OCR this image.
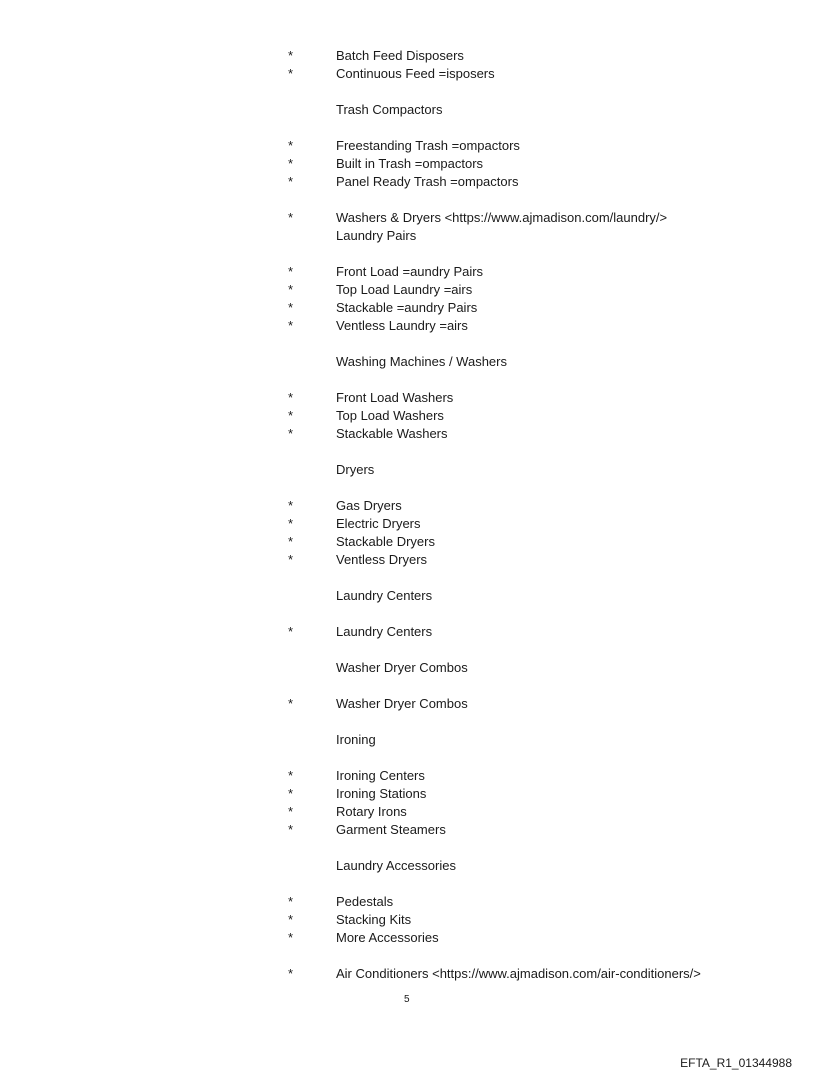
*	Batch Feed Disposers
*	Continuous Feed =isposers
Trash Compactors
*	Freestanding Trash =ompactors
*	Built in Trash =ompactors
*	Panel Ready Trash =ompactors
*	Washers & Dryers <https://www.ajmadison.com/laundry/>
Laundry Pairs
*	Front Load =aundry Pairs
*	Top Load Laundry =airs
*	Stackable =aundry Pairs
*	Ventless Laundry =airs
Washing Machines / Washers
*	Front Load Washers
*	Top Load Washers
*	Stackable Washers
Dryers
*	Gas Dryers
*	Electric Dryers
*	Stackable Dryers
*	Ventless Dryers
Laundry Centers
*	Laundry Centers
Washer Dryer Combos
*	Washer Dryer Combos
Ironing
*	Ironing Centers
*	Ironing Stations
*	Rotary Irons
*	Garment Steamers
Laundry Accessories
*	Pedestals
*	Stacking Kits
*	More Accessories
*	Air Conditioners <https://www.ajmadison.com/air-conditioners/>
5
EFTA_R1_01344988
